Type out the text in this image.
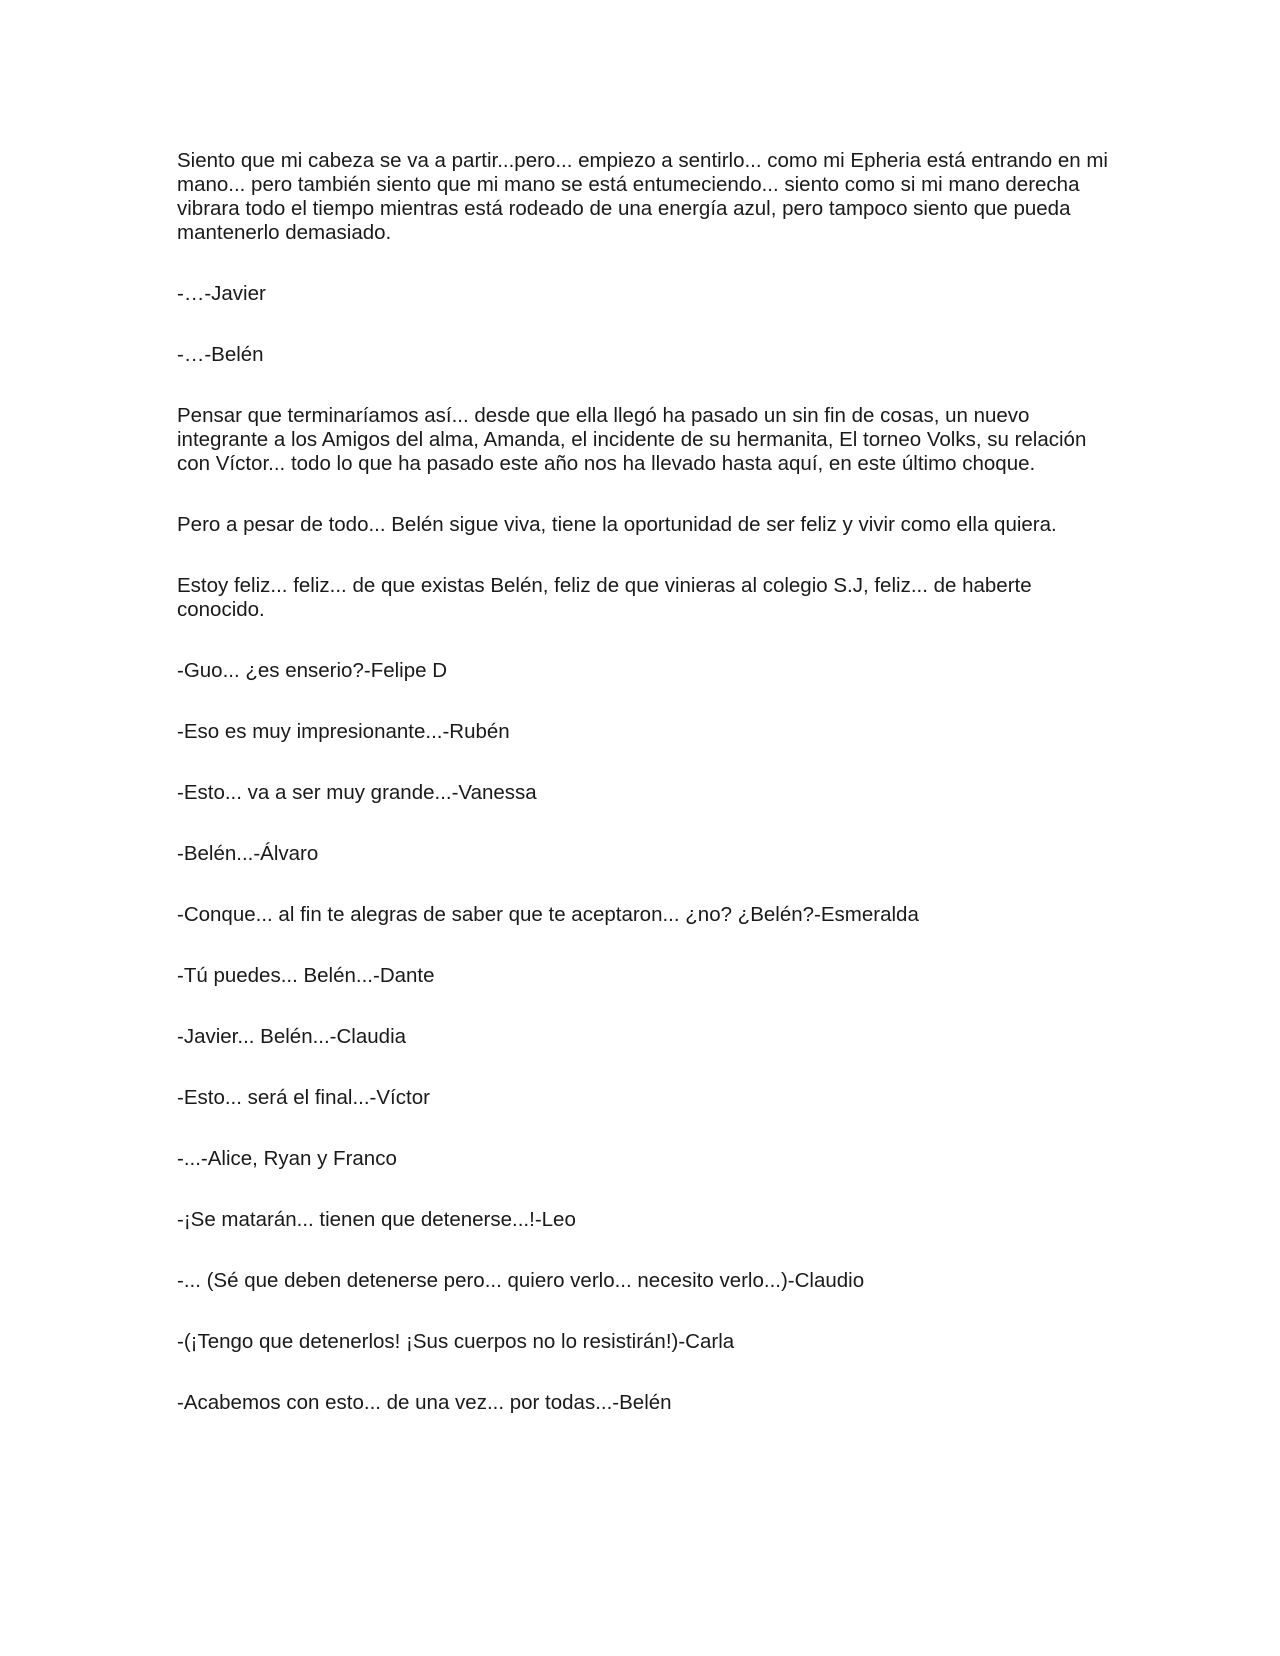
Siento que mi cabeza se va a partir...pero... empiezo a sentirlo... como mi Epheria está entrando en mi mano... pero también siento que mi mano se está entumeciendo... siento como si mi mano derecha vibrara todo el tiempo mientras está rodeado de una energía azul, pero tampoco siento que pueda mantenerlo demasiado.

-…-Javier

-…-Belén

Pensar que terminaríamos así... desde que ella llegó ha pasado un sin fin de cosas, un nuevo integrante a los Amigos del alma, Amanda, el incidente de su hermanita, El torneo Volks, su relación con Víctor... todo lo que ha pasado este año nos ha llevado hasta aquí, en este último choque.

Pero a pesar de todo... Belén sigue viva, tiene la oportunidad de ser feliz y vivir como ella quiera.

Estoy feliz... feliz... de que existas Belén, feliz de que vinieras al colegio S.J, feliz... de haberte conocido.

-Guo... ¿es enserio?-Felipe D

-Eso es muy impresionante...-Rubén

-Esto... va a ser muy grande...-Vanessa

-Belén...-Álvaro

-Conque... al fin te alegras de saber que te aceptaron... ¿no? ¿Belén?-Esmeralda

-Tú puedes... Belén...-Dante

-Javier... Belén...-Claudia

-Esto... será el final...-Víctor

-...-Alice, Ryan y Franco

-¡Se matarán... tienen que detenerse...!-Leo

-... (Sé que deben detenerse pero... quiero verlo... necesito verlo...)-Claudio

-(¡Tengo que detenerlos! ¡Sus cuerpos no lo resistirán!)-Carla

-Acabemos con esto... de una vez... por todas...-Belén
